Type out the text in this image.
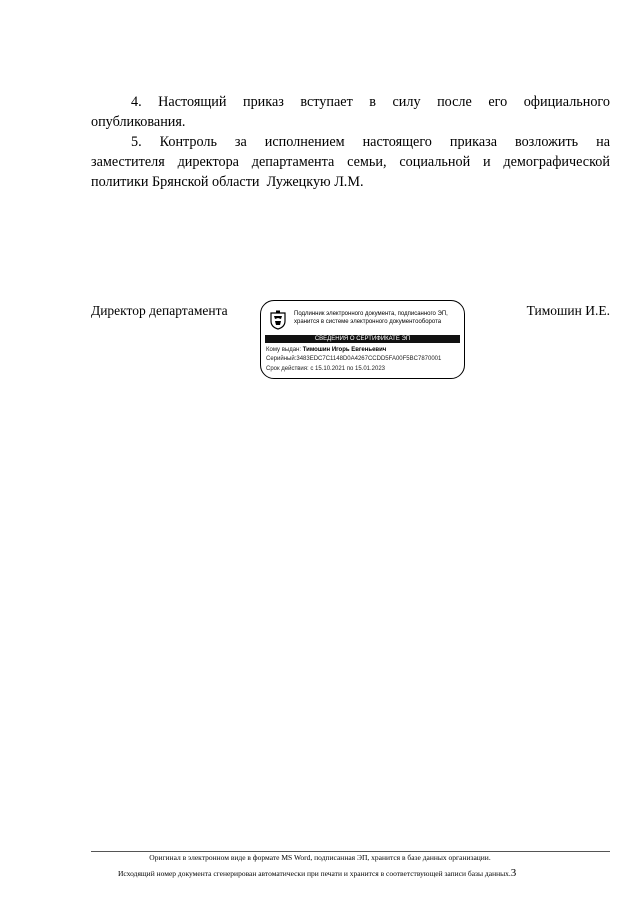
4. Настоящий приказ вступает в силу после его официального
опубликования.
5. Контроль за исполнением настоящего приказа возложить на
заместителя директора департамента семьи, социальной и демографической
политики Брянской области  Лужецкую Л.М.
Директор департамента	Тимошин И.Е.
Подлинник электронного документа, подписанного ЭП,
хранится в системе электронного документооборота
СВЕДЕНИЯ О СЕРТИФИКАТЕ ЭП
Кому выдан: Тимошин Игорь Евгеньевич
Серийный:3483EDC7C1148D0A4267CCDD5FA00F5BC7870001
Срок действия: с 15.10.2021 по 15.01.2023
Оригинал в электронном виде в формате MS Word, подписанная ЭП, хранится в базе данных организации.
Исходящий номер документа сгенерирован автоматически при печати и хранится в соответствующей записи базы данных.3
